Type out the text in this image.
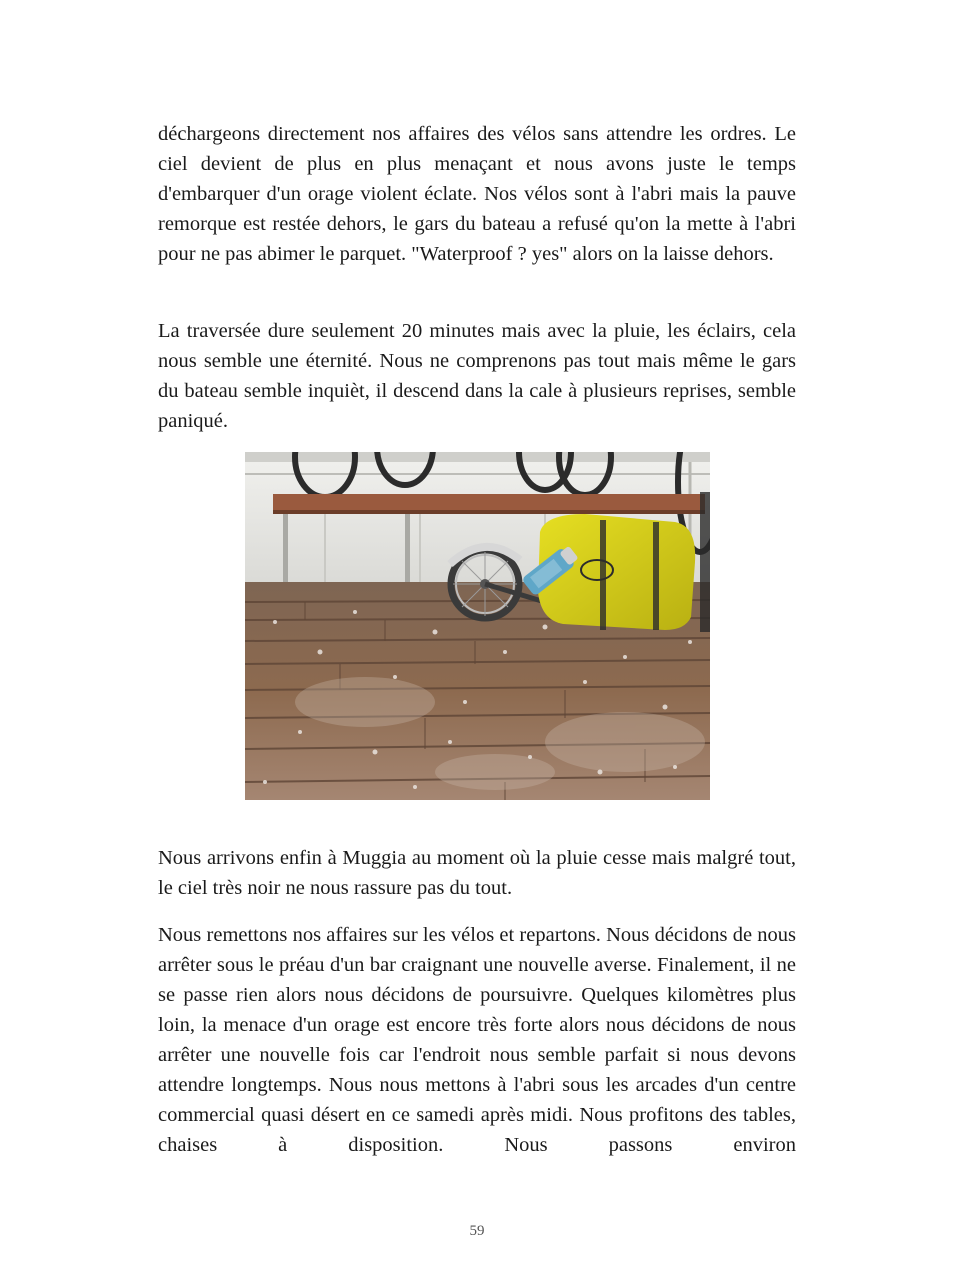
déchargeons directement nos affaires des vélos sans attendre les ordres. Le ciel devient de plus en plus menaçant et nous avons juste le temps d'embarquer d'un orage violent éclate. Nos vélos sont à l'abri mais la pauve remorque est restée dehors, le gars du bateau a refusé qu'on la mette à l'abri pour ne pas abimer le parquet. "Waterproof ? yes" alors on la laisse dehors.

La traversée dure seulement 20 minutes mais avec la pluie, les éclairs, cela nous semble une éternité. Nous ne comprenons pas tout mais même le gars du bateau semble inquièt, il descend dans la cale à plusieurs reprises, semble paniqué.

Nous arrivons enfin à Muggia au moment où la pluie cesse mais malgré tout, le ciel très noir ne nous rassure pas du tout.

Nous remettons nos affaires sur les vélos et repartons. Nous décidons de nous arrêter sous le préau d'un bar craignant une nouvelle averse. Finalement, il ne se passe rien alors nous décidons de poursuivre. Quelques kilomètres plus loin, la menace d'un orage est encore très forte alors nous décidons de nous arrêter une nouvelle fois car l'endroit nous semble parfait si nous devons attendre longtemps. Nous nous mettons à l'abri sous les arcades d'un centre commercial quasi désert en ce samedi après midi. Nous profitons des tables, chaises à disposition. Nous passons environ

59
